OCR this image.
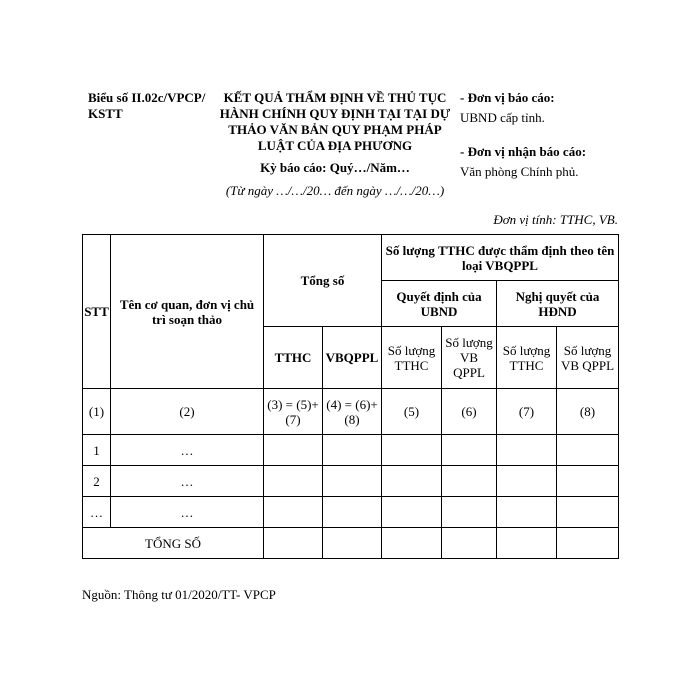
Biểu số II.02c/VPCP/KSTT
KẾT QUẢ THẨM ĐỊNH VỀ THỦ TỤC HÀNH CHÍNH QUY ĐỊNH TẠI TẠI DỰ THẢO VĂN BẢN QUY PHẠM PHÁP LUẬT CỦA ĐỊA PHƯƠNG
Kỳ báo cáo: Quý…/Năm…
(Từ ngày …/…/20… đến ngày …/…/20…)
- Đơn vị báo cáo:
UBND cấp tỉnh.
- Đơn vị nhận báo cáo:
Văn phòng Chính phủ.
Đơn vị tính: TTHC, VB.
STT	Tên cơ quan, đơn vị chủ trì soạn thảo	Tổng số		Số lượng TTHC được thẩm định theo tên loại VBQPPL			
				Quyết định của UBND		Nghị quyết của HĐND	
		TTHC	VBQPPL	Số lượng TTHC	Số lượng VB QPPL	Số lượng TTHC	Số lượng VB QPPL
(1)	(2)	(3) = (5)+(7)	(4) = (6)+(8)	(5)	(6)	(7)	(8)
1	…						
2	…						
…	…						
TỔNG SỐ							
Nguồn: Thông tư 01/2020/TT- VPCP
